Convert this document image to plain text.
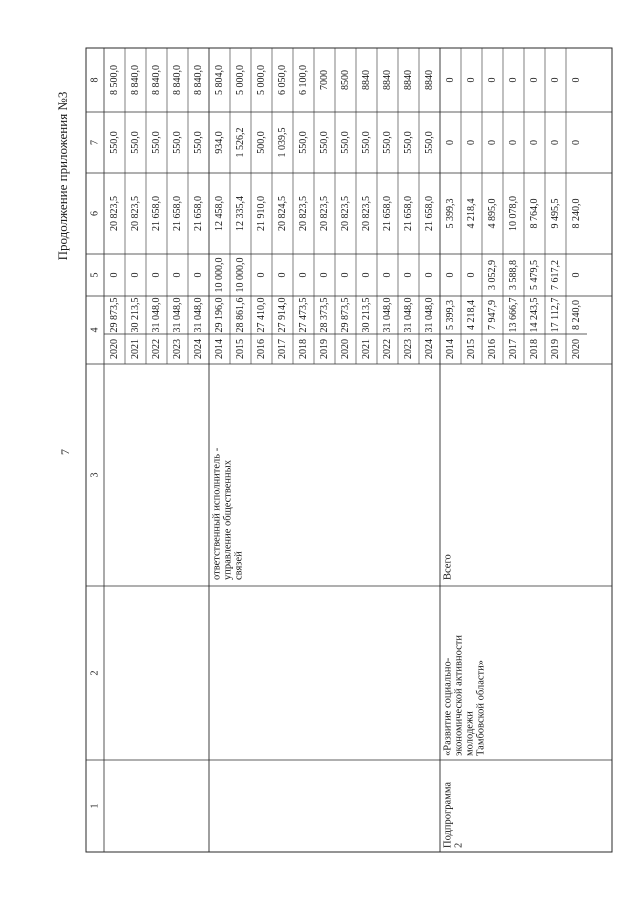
7
Продолжение приложения №3
1
2
3
4
5
6
7
8
2020
29 873,5
0
20 823,5
550,0
8 500,0
2021
30 213,5
0
20 823,5
550,0
8 840,0
2022
31 048,0
0
21 658,0
550,0
8 840,0
2023
31 048,0
0
21 658,0
550,0
8 840,0
2024
31 048,0
0
21 658,0
550,0
8 840,0
2014
29 196,0
10 000,0
12 458,0
934,0
5 804,0
2015
28 861,6
10 000,0
12 335,4
1 526,2
5 000,0
2016
27 410,0
0
21 910,0
500,0
5 000,0
2017
27 914,0
0
20 824,5
1 039,5
6 050,0
2018
27 473,5
0
20 823,5
550,0
6 100,0
2019
28 373,5
0
20 823,5
550,0
7000
2020
29 873,5
0
20 823,5
550,0
8500
2021
30 213,5
0
20 823,5
550,0
8840
2022
31 048,0
0
21 658,0
550,0
8840
2023
31 048,0
0
21 658,0
550,0
8840
2024
31 048,0
0
21 658,0
550,0
8840
2014
5 399,3
0
5 399,3
0
0
2015
4 218,4
0
4 218,4
0
0
2016
7 947,9
3 052,9
4 895,0
0
0
2017
13 666,7
3 588,8
10 078,0
0
0
2018
14 243,5
5 479,5
8 764,0
0
0
2019
17 112,7
7 617,2
9 495,5
0
0
2020
8 240,0
0
8 240,0
0
0
ответственный исполнитель - управление общественных связей
Подпрограмма 2
«Развитие социально- экономической активности молодежи Тамбовской области»
Всего
